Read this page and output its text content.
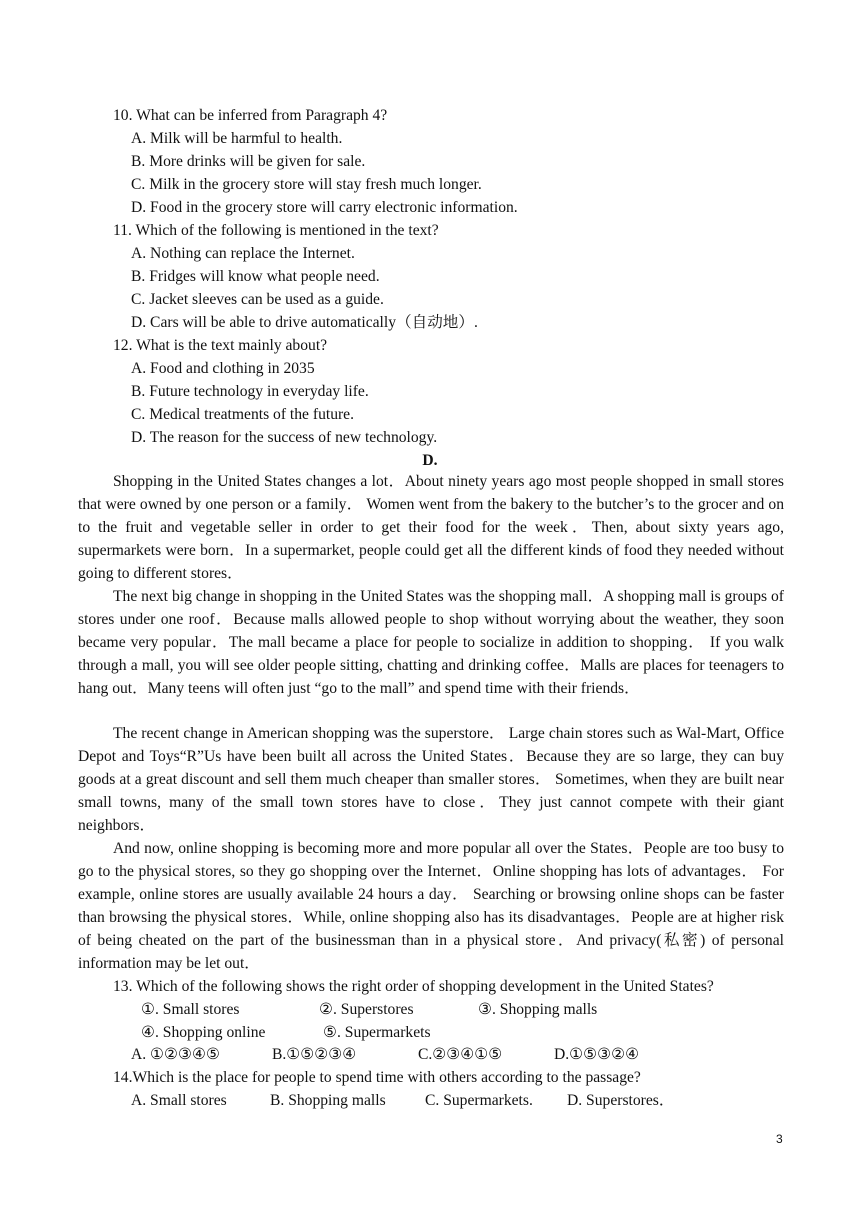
10. What can be inferred from Paragraph 4?

A. Milk will be harmful to health.

B. More drinks will be given for sale.

C. Milk in the grocery store will stay fresh much longer.

D. Food in the grocery store will carry electronic information.

11. Which of the following is mentioned in the text?

A. Nothing can replace the Internet.

B. Fridges will know what people need.

C. Jacket sleeves can be used as a guide.

D. Cars will be able to drive automatically（自动地）.

12. What is the text mainly about?

A. Food and clothing in 2035

B. Future technology in everyday life.

C. Medical treatments of the future.

D. The reason for the success of new technology.

D.

Shopping in the United States changes a lot．About ninety years ago most people shopped in small stores that were owned by one person or a family． Women went from the bakery to the butcher’s to the grocer and on to the fruit and vegetable seller in order to get their food for the week．Then, about sixty years ago, supermarkets were born．In a supermarket, people could get all the different kinds of food they needed without going to different stores．

The next big change in shopping in the United States was the shopping mall．A shopping mall is groups of stores under one roof．Because malls allowed people to shop without worrying about the weather, they soon became very popular．The mall became a place for people to socialize in addition to shopping． If you walk through a mall, you will see older people sitting, chatting and drinking coffee．Malls are places for teenagers to hang out．Many teens will often just “go to the mall” and spend time with their friends．

The recent change in American shopping was the superstore． Large chain stores such as Wal-Mart, Office Depot and Toys“R”Us have been built all across the United States．Because they are so large, they can buy goods at a great discount and sell them much cheaper than smaller stores． Sometimes, when they are built near small towns, many of the small town stores have to close．They just cannot compete with their giant neighbors．

And now, online shopping is becoming more and more popular all over the States．People are too busy to go to the physical stores, so they go shopping over the Internet．Online shopping has lots of advantages． For example, online stores are usually available 24 hours a day． Searching or browsing online shops can be faster than browsing the physical stores．While, online shopping also has its disadvantages．People are at higher risk of being cheated on the part of the businessman than in a physical store．And privacy(私密) of personal information may be let out．

13. Which of the following shows the right order of shopping development in the United States?

①. Small stores	②. Superstores	③. Shopping malls
④. Shopping online	⑤. Supermarkets
A. ①②③④⑤	B.①⑤②③④	C.②③④①⑤	D.①⑤③②④

14.Which is the place for people to spend time with others according to the passage?

A. Small stores	B. Shopping malls	C. Supermarkets. D. Superstores．
3
